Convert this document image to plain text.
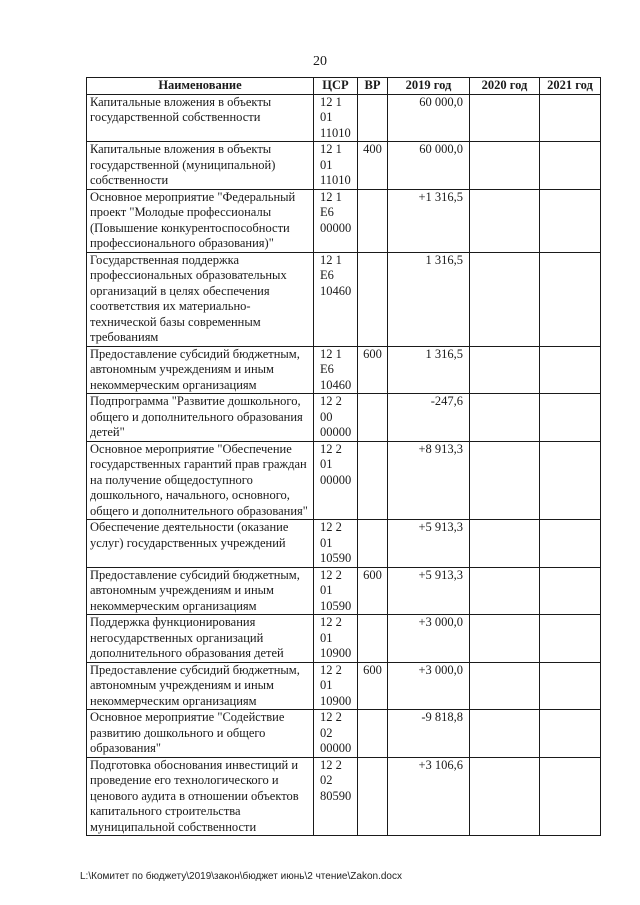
20
Наименование	ЦСР	ВР	2019 год	2020 год	2021 год
Капитальные вложения в объекты государственной собственности	12 1 01 11010		60 000,0		
Капитальные вложения в объекты государственной (муниципальной) собственности	12 1 01 11010	400	60 000,0		
Основное мероприятие "Федеральный проект "Молодые профессионалы (Повышение конкурентоспособности профессионального образования)"	12 1 Е6 00000		+1 316,5		
Государственная поддержка профессиональных образовательных организаций в целях обеспечения соответствия их материально-технической базы современным требованиям	12 1 Е6 10460		1 316,5		
Предоставление субсидий бюджетным, автономным учреждениям и иным некоммерческим организациям	12 1 Е6 10460	600	1 316,5		
Подпрограмма "Развитие дошкольного, общего и дополнительного образования детей"	12 2 00 00000		-247,6		
Основное мероприятие "Обеспечение государственных гарантий прав граждан на получение общедоступного дошкольного, начального, основного, общего и дополнительного образования"	12 2 01 00000		+8 913,3		
Обеспечение деятельности (оказание услуг) государственных учреждений	12 2 01 10590		+5 913,3		
Предоставление субсидий бюджетным, автономным учреждениям и иным некоммерческим организациям	12 2 01 10590	600	+5 913,3		
Поддержка функционирования негосударственных организаций дополнительного образования детей	12 2 01 10900		+3 000,0		
Предоставление субсидий бюджетным, автономным учреждениям и иным некоммерческим организациям	12 2 01 10900	600	+3 000,0		
Основное мероприятие "Содействие развитию дошкольного и общего образования"	12 2 02 00000		-9 818,8		
Подготовка обоснования инвестиций и проведение его технологического и ценового аудита в отношении объектов капитального строительства муниципальной собственности	12 2 02 80590		+3 106,6		
L:\Комитет по бюджету\2019\закон\бюджет июнь\2 чтение\Zakon.docx
